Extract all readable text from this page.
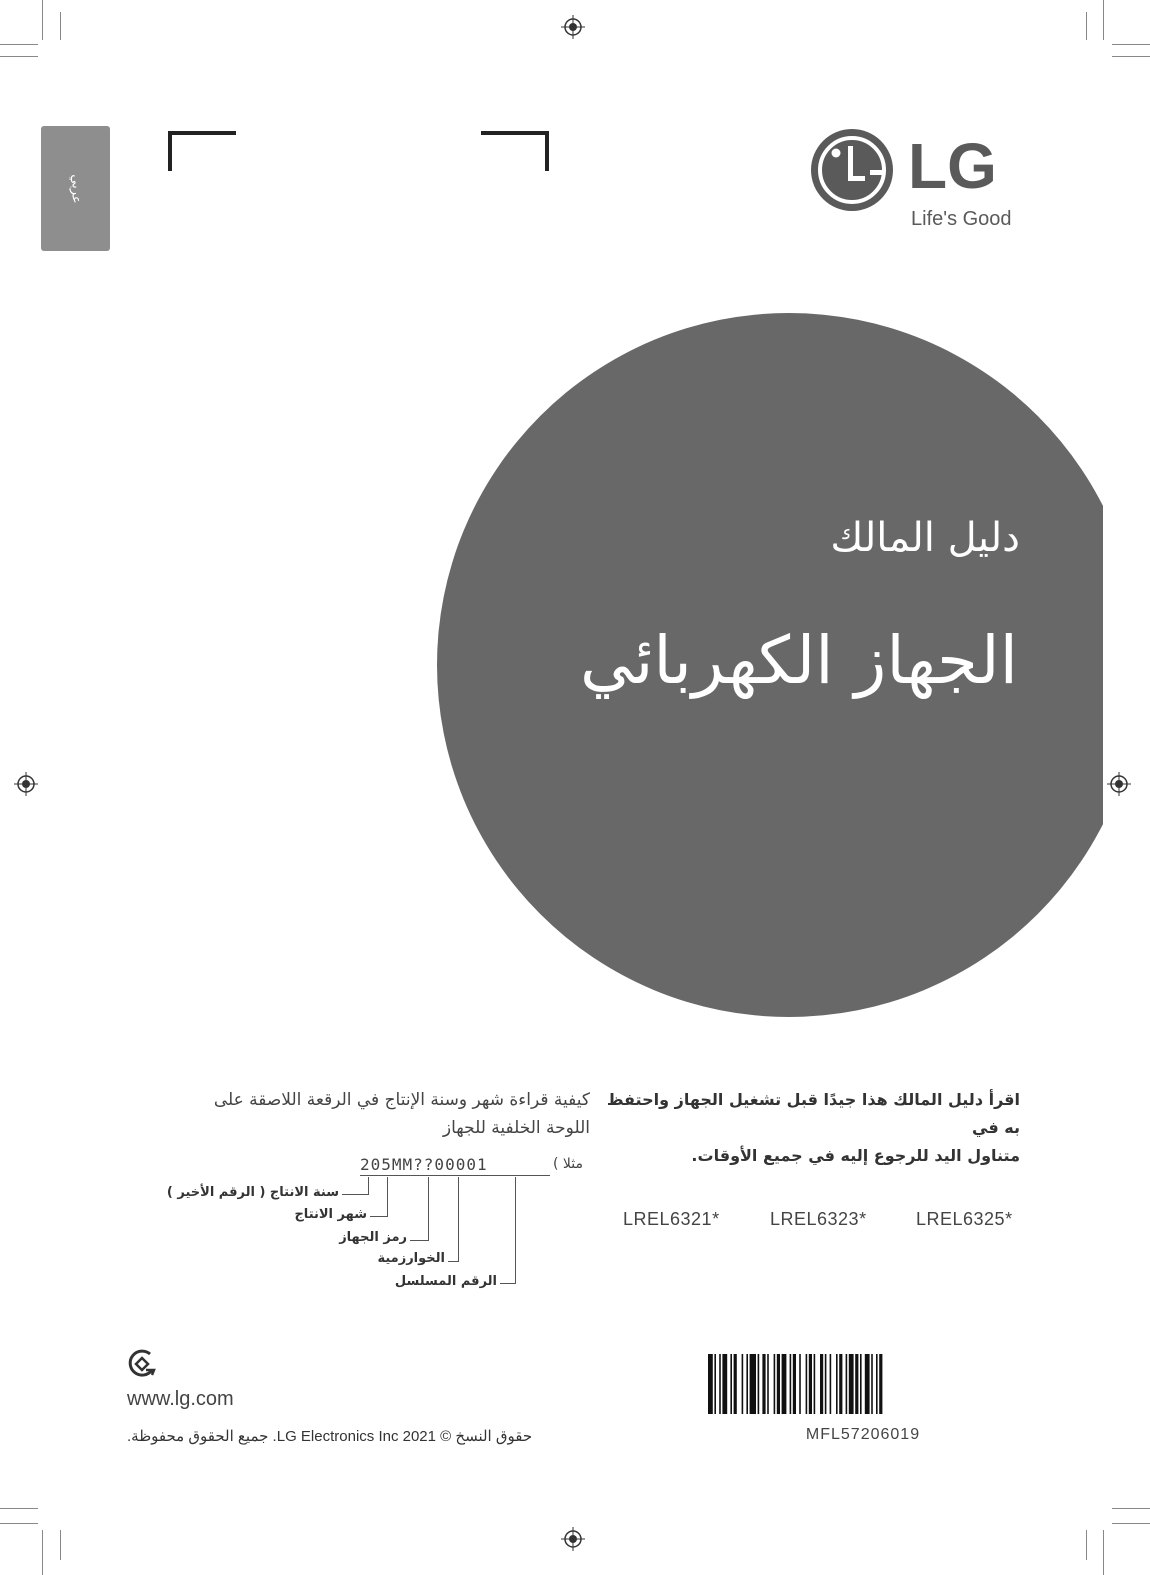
عربي	LG
Life's Good
دليل المالك
الجهاز الكهربائي
اقرأ دليل المالك هذا جيدًا قبل تشغيل الجهاز واحتفظ به في
متناول اليد للرجوع إليه في جميع الأوقات.
LREL6321*	LREL6323*	LREL6325*
كيفية قراءة شهر وسنة الإنتاج في الرقعة اللاصقة على
اللوحة الخلفية للجهاز
مثلا )
205MM??00001
سنة الانتاج ( الرقم الأخير )
شهر الانتاج
رمز الجهاز
الخوارزمية
الرقم المسلسل
www.lg.com
حقوق النسخ © 2021 LG Electronics Inc. جميع الحقوق محفوظة.	MFL57206019
